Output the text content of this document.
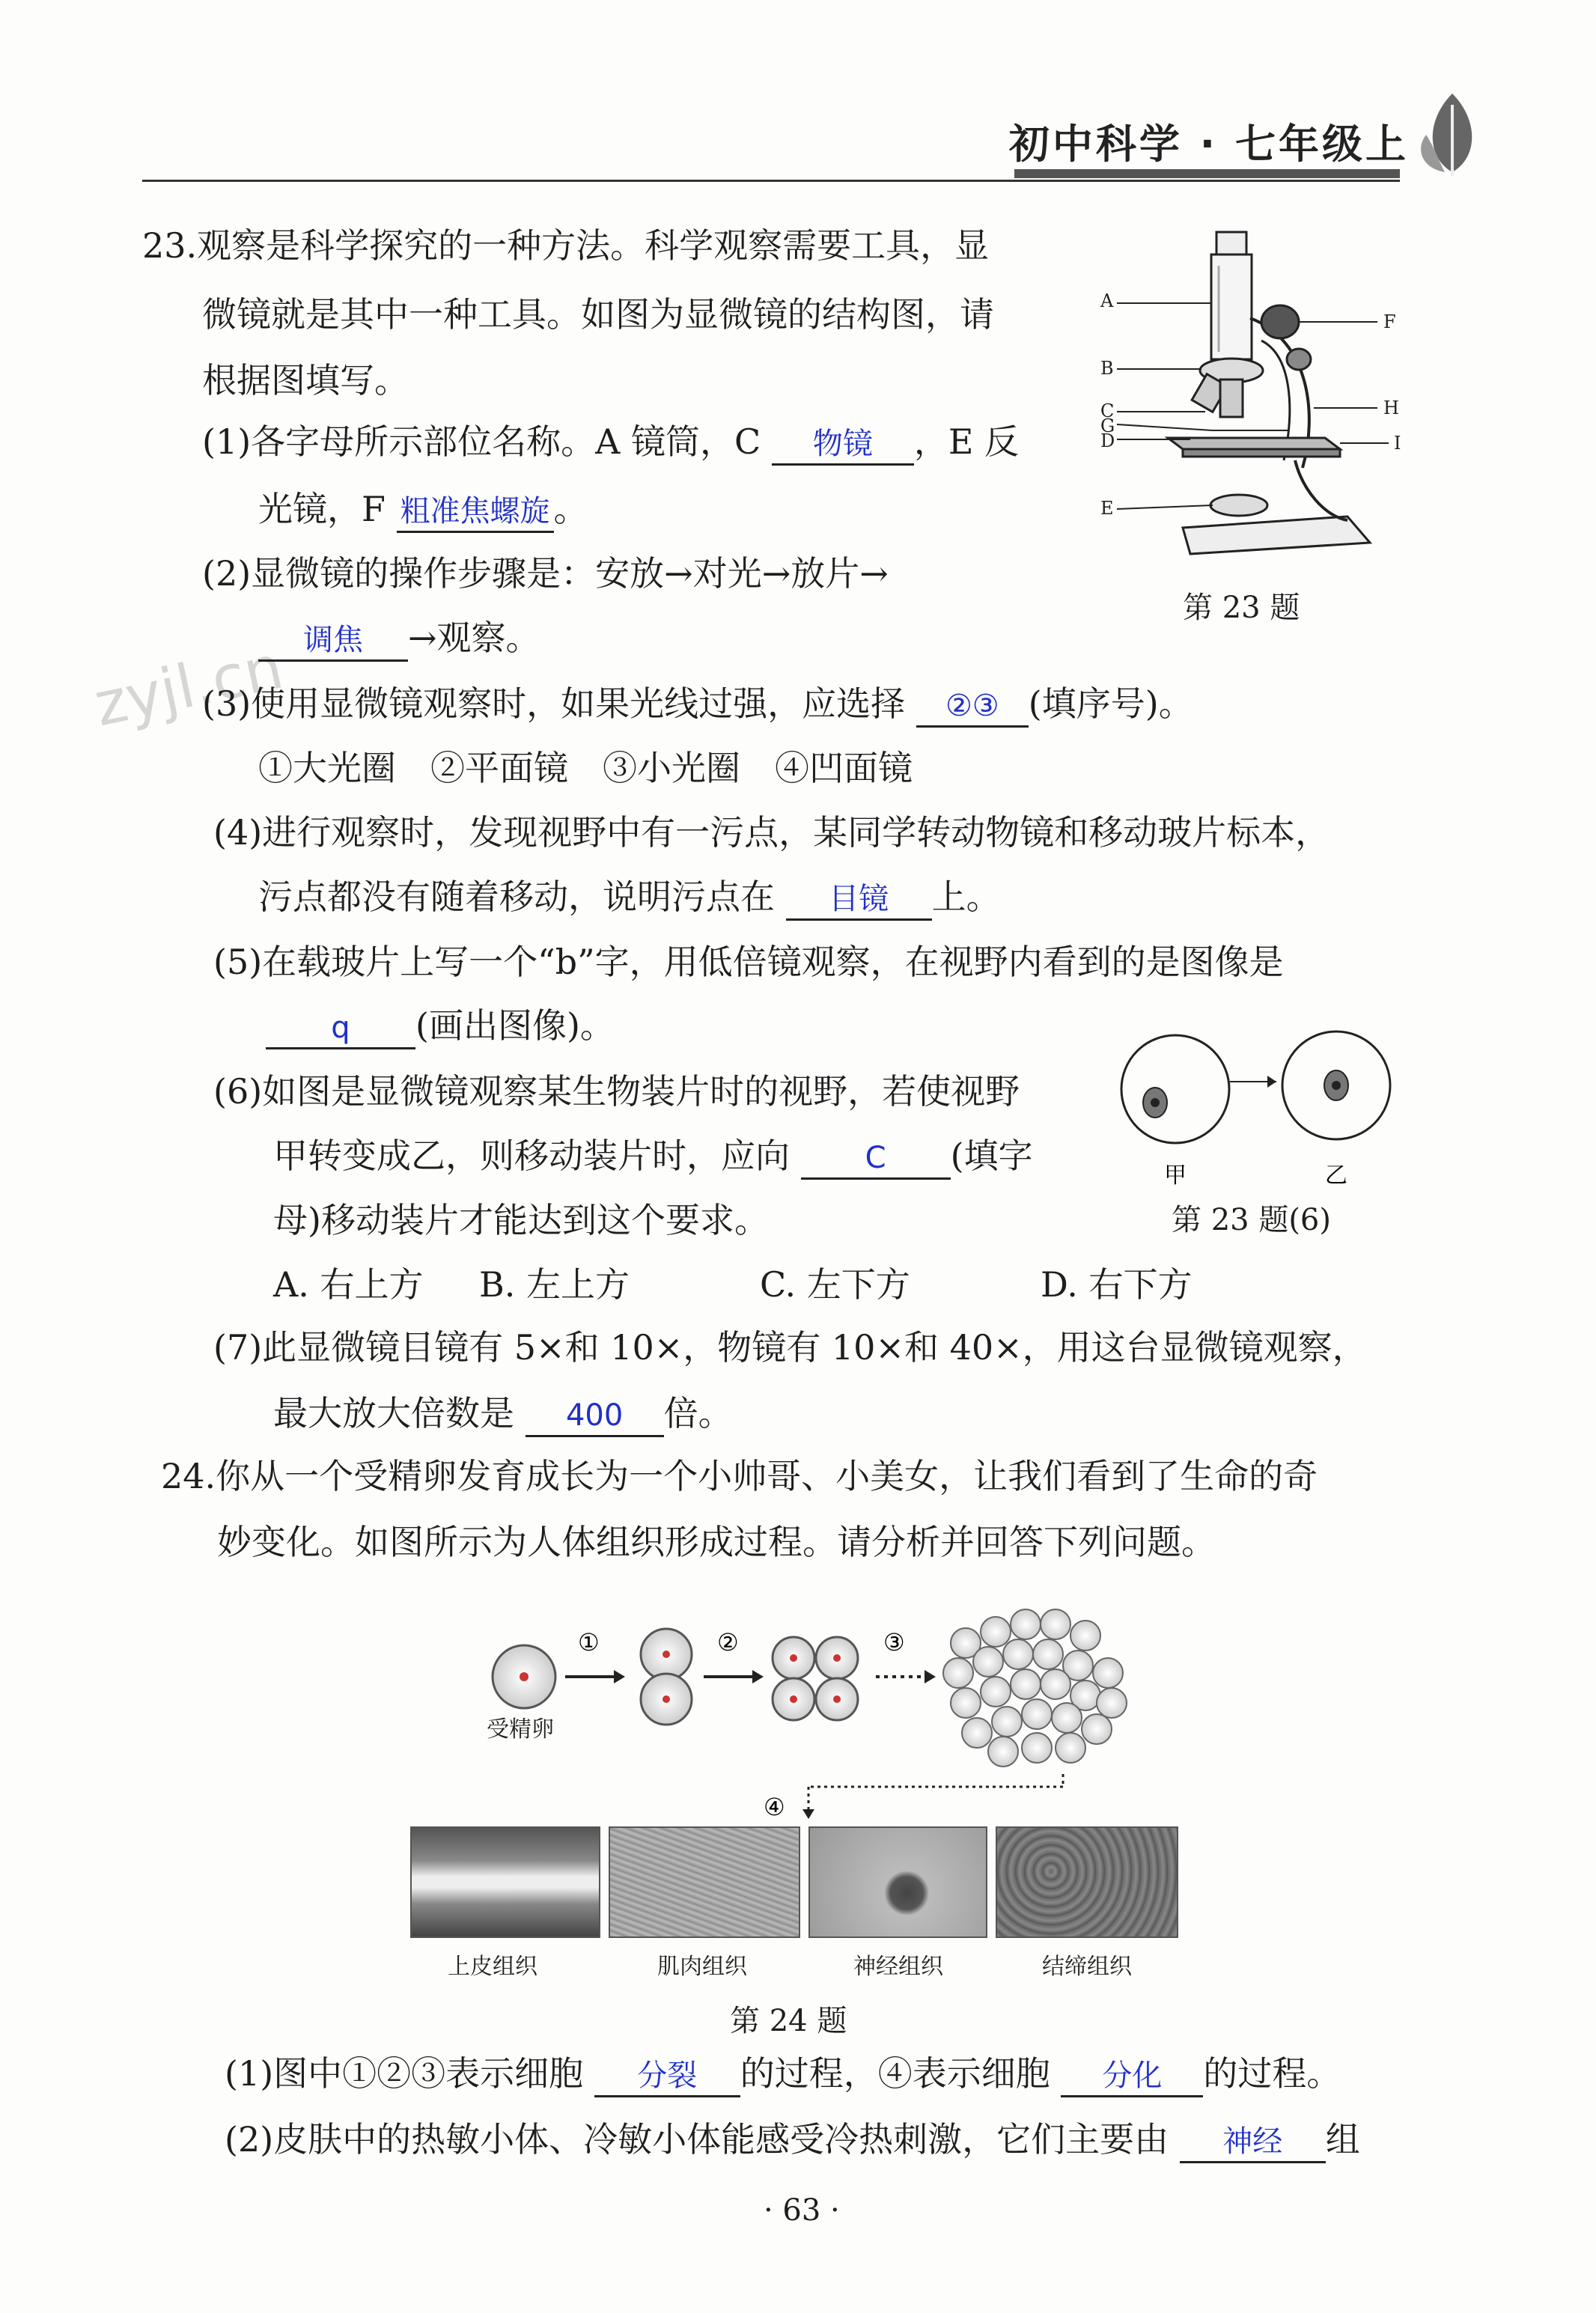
初中科学 · 七年级上
zyjl.cn
23.观察是科学探究的一种方法。科学观察需要工具，显
微镜就是其中一种工具。如图为显微镜的结构图，请
根据图填写。
(1)各字母所示部位名称。A 镜筒，C 物镜 ，E 反
光镜，F 粗准焦螺旋 。
(2)显微镜的操作步骤是：安放→对光→放片→
调焦 →观察。
A
F
B
C
G
D
H
I
E
第 23 题
(3)使用显微镜观察时，如果光线过强，应选择 ②③ (填序号)。
①大光圈　②平面镜　③小光圈　④凹面镜
(4)进行观察时，发现视野中有一污点，某同学转动物镜和移动玻片标本，
污点都没有随着移动，说明污点在 目镜 上。
(5)在载玻片上写一个“b”字，用低倍镜观察，在视野内看到的是图像是
q (画出图像)。
(6)如图是显微镜观察某生物装片时的视野，若使视野
甲转变成乙，则移动装片时，应向	C (填字
母)移动装片才能达到这个要求。
甲	乙
第 23 题(6)
A. 右上方 B. 左上方	C. 左下方	D. 右下方
(7)此显微镜目镜有 5×和 10×，物镜有 10×和 40×，用这台显微镜观察，
最大放大倍数是 400 倍。
24.你从一个受精卵发育成长为一个小帅哥、小美女，让我们看到了生命的奇
妙变化。如图所示为人体组织形成过程。请分析并回答下列问题。
受精卵
①	②	③
④
上皮组织	肌肉组织	神经组织	结缔组织
第 24 题
(1)图中①②③表示细胞 分裂 的过程，④表示细胞 分化 的过程。
(2)皮肤中的热敏小体、冷敏小体能感受冷热刺激，它们主要由 神经 组
· 63 ·
